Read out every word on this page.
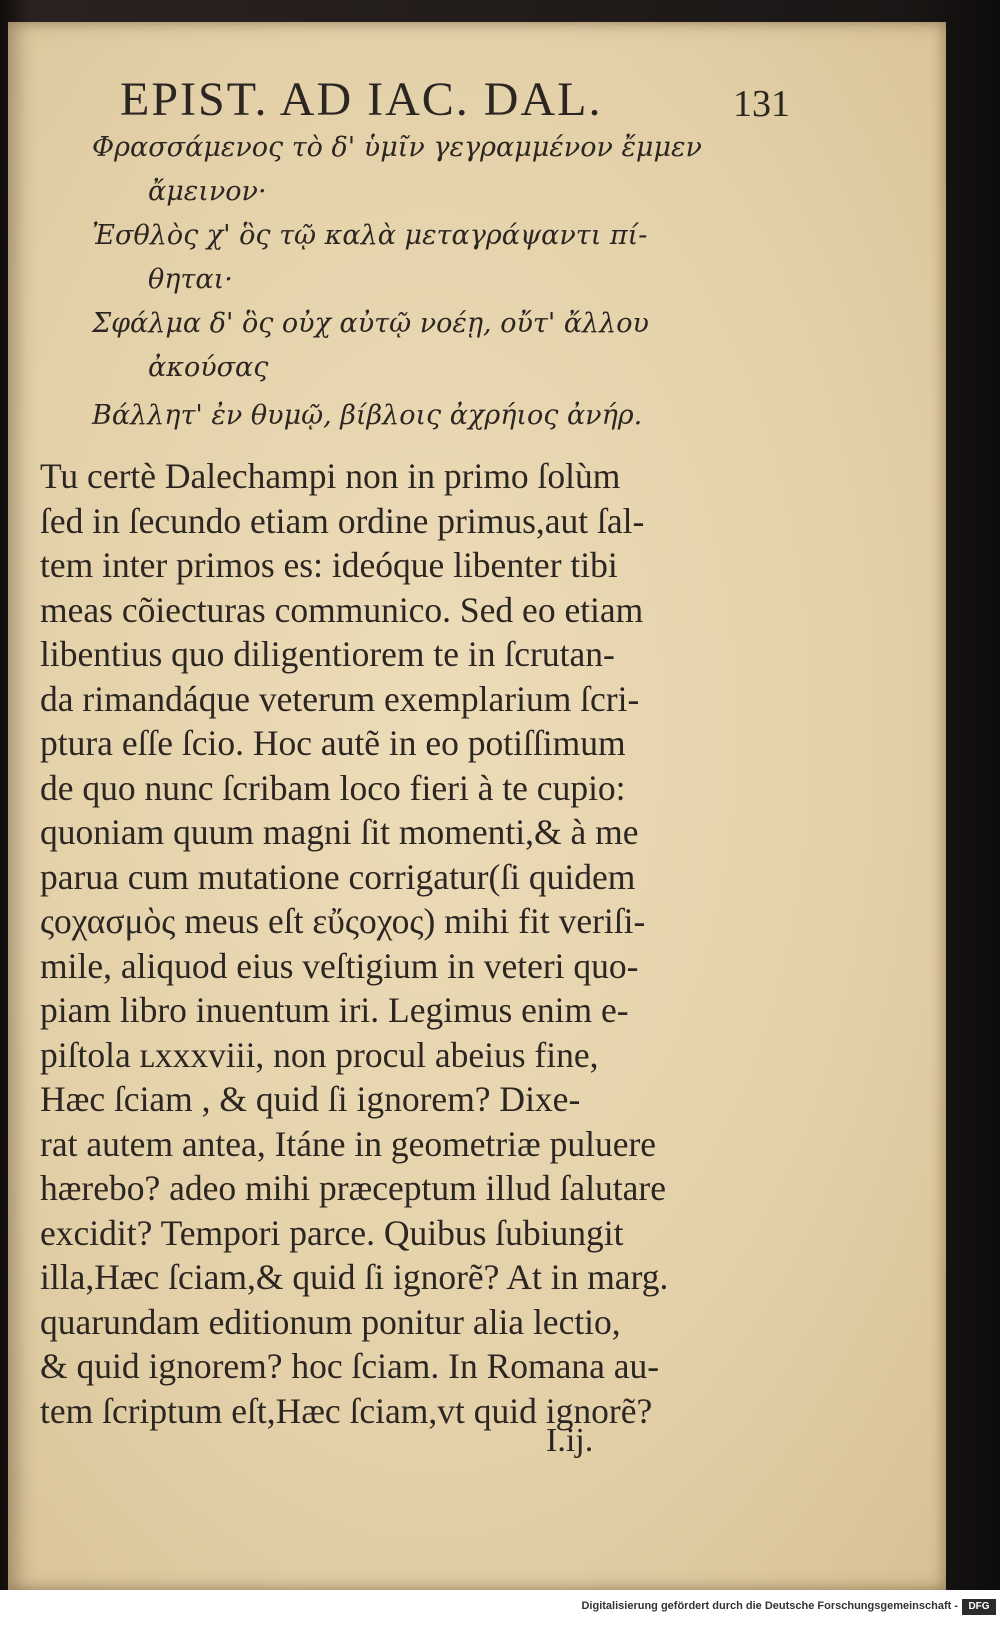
EPIST. AD IAC. DAL.	131
Φρασσάμενος τὸ δ' ὑμῖν γεγραμμένον ἔμμεν
ἄμεινον·
Ἐσθλὸς χ' ὃς τῷ καλὰ μεταγράψαντι πί-
θηται·
Σφάλμα δ' ὃς οὐχ αὐτῷ νοέῃ, οὔτ' ἄλλου
ἀκούσας
Βάλλητ' ἐν θυμῷ, βίβλοις ἀχρήιος ἀνήρ.
Tu certè Dalechampi non in primo ſolùm
ſed in ſecundo etiam ordine primus,aut ſal-
tem inter primos es: ideóque libenter tibi
meas cõiecturas communico. Sed eo etiam
libentius quo diligentiorem te in ſcrutan-
da rimandáque veterum exemplarium ſcri-
ptura eſſe ſcio. Hoc autẽ in eo potiſſimum
de quo nunc ſcribam loco fieri à te cupio:
quoniam quum magni ſit momenti,& à me
parua cum mutatione corrigatur(ſi quidem
ςοχασμὸς meus eſt εὔςοχος) mihi fit veriſi-
mile, aliquod eius veſtigium in veteri quo-
piam libro inuentum iri. Legimus enim e-
piſtola ʟxxxviii, non procul abeius fine,
Hæc ſciam , & quid ſi ignorem? Dixe-
rat autem antea, Itáne in geometriæ puluere
hærebo? adeo mihi præceptum illud ſalutare
excidit? Tempori parce. Quibus ſubiungit
illa,Hæc ſciam,& quid ſi ignorẽ? At in marg.
quarundam editionum ponitur alia lectio,
& quid ignorem? hoc ſciam. In Romana au-
tem ſcriptum eſt,Hæc ſciam,vt quid ignorẽ?
I.ij.
Digitalisierung gefördert durch die Deutsche Forschungsgemeinschaft -	DFG
